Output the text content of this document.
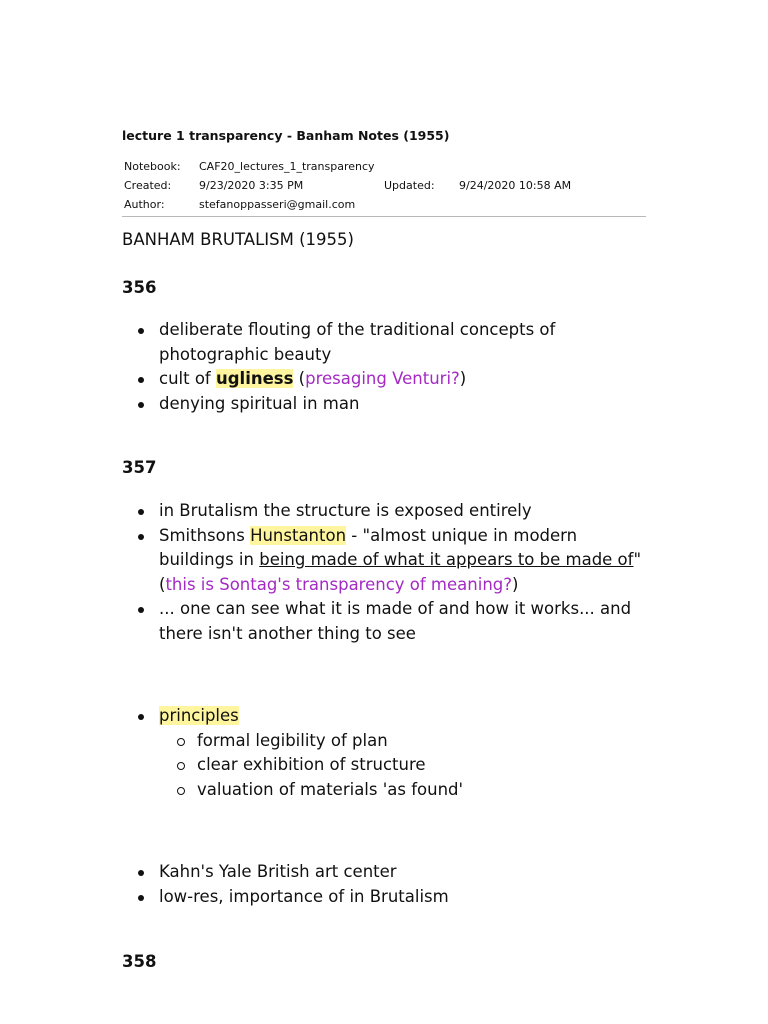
lecture 1 transparency - Banham Notes (1955)
Notebook: CAF20_lectures_1_transparency
Created:	9/23/2020 3:35 PM	Updated: 9/24/2020 10:58 AM
Author:	stefanoppasseri@gmail.com
BANHAM BRUTALISM (1955)
356
deliberate flouting of the traditional concepts of photographic beauty
cult of ugliness (presaging Venturi?)
denying spiritual in man
357
in Brutalism the structure is exposed entirely
Smithsons Hunstanton - "almost unique in modern buildings in being made of what it appears to be made of" (this is Sontag's transparency of meaning?)
... one can see what it is made of and how it works... and there isn't another thing to see
principles
formal legibility of plan
clear exhibition of structure
valuation of materials 'as found'
Kahn's Yale British art center
low-res, importance of in Brutalism
358
